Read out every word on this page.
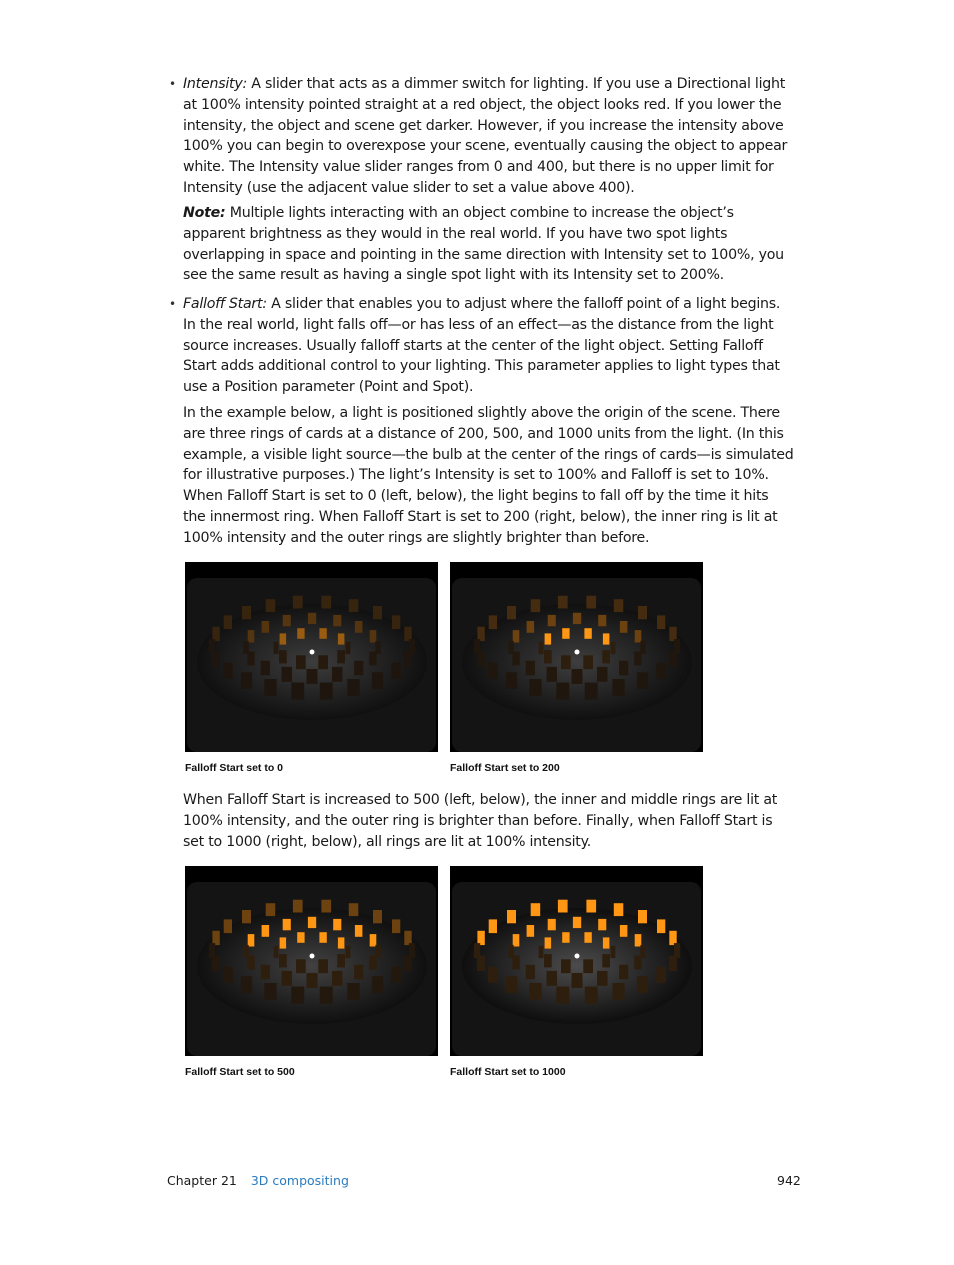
• Intensity: A slider that acts as a dimmer switch for lighting. If you use a Directional light at 100% intensity pointed straight at a red object, the object looks red. If you lower the intensity, the object and scene get darker. However, if you increase the intensity above 100% you can begin to overexpose your scene, eventually causing the object to appear white. The Intensity value slider ranges from 0 and 400, but there is no upper limit for Intensity (use the adjacent value slider to set a value above 400).

Note: Multiple lights interacting with an object combine to increase the object’s apparent brightness as they would in the real world. If you have two spot lights overlapping in space and pointing in the same direction with Intensity set to 100%, you see the same result as having a single spot light with its Intensity set to 200%.

• Falloff Start: A slider that enables you to adjust where the falloff point of a light begins. In the real world, light falls off—or has less of an effect—as the distance from the light source increases. Usually falloff starts at the center of the light object. Setting Falloff Start adds additional control to your lighting. This parameter applies to light types that use a Position parameter (Point and Spot).

In the example below, a light is positioned slightly above the origin of the scene. There are three rings of cards at a distance of 200, 500, and 1000 units from the light. (In this example, a visible light source—the bulb at the center of the rings of cards—is simulated for illustrative purposes.) The light’s Intensity is set to 100% and Falloff is set to 10%. When Falloff Start is set to 0 (left, below), the light begins to fall off by the time it hits the innermost ring. When Falloff Start is set to 200 (right, below), the inner ring is lit at 100% intensity and the outer rings are slightly brighter than before.

Falloff Start set to 0	Falloff Start set to 200

When Falloff Start is increased to 500 (left, below), the inner and middle rings are lit at 100% intensity, and the outer ring is brighter than before. Finally, when Falloff Start is set to 1000 (right, below), all rings are lit at 100% intensity.

Falloff Start set to 500	Falloff Start set to 1000
Chapter 21 3D compositing	942
